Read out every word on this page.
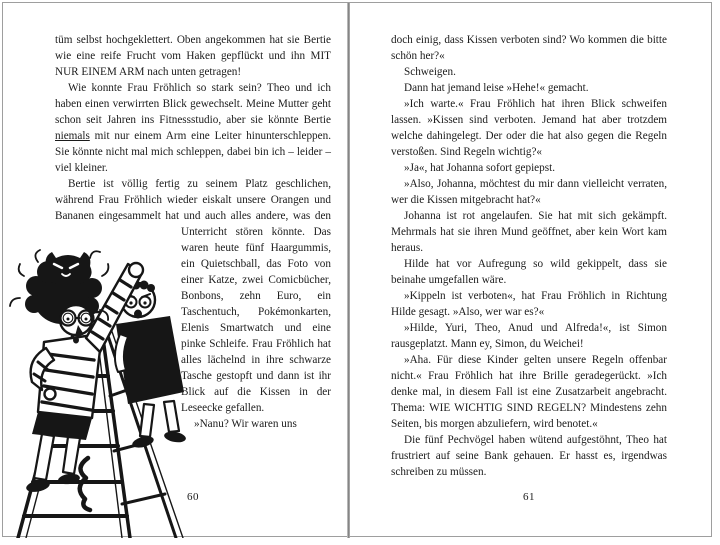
tüm selbst hochgeklettert. Oben angekommen hat sie Bertie wie eine reife Frucht vom Haken gepflückt und ihn MIT NUR EINEM ARM nach unten getragen!

Wie konnte Frau Fröhlich so stark sein? Theo und ich haben einen verwirrten Blick gewechselt. Meine Mutter geht schon seit Jahren ins Fitnessstudio, aber sie könnte Bertie niemals mit nur einem Arm eine Leiter hinunterschleppen. Sie könnte nicht mal mich schleppen, dabei bin ich – leider – viel kleiner.

Bertie ist völlig fertig zu seinem Platz geschlichen, während Frau Fröhlich wieder eiskalt unsere Orangen und Bananen eingesammelt hat und auch alles andere, was den
Unterricht stören könnte. Das waren heute fünf Haargummis, ein Quietschball, das Foto von einer Katze, zwei Comicbücher, Bonbons, zehn Euro, ein Taschentuch, Pokémonkarten, Elenis Smartwatch und eine pinke Schleife. Frau Fröhlich hat alles lächelnd in ihre schwarze Tasche gestopft und dann ist ihr Blick auf die Kissen in der Leseecke gefallen.

»Nanu? Wir waren uns

doch einig, dass Kissen verboten sind? Wo kommen die bitte schön her?«

Schweigen.

Dann hat jemand leise »Hehe!« gemacht.

»Ich warte.« Frau Fröhlich hat ihren Blick schweifen lassen. »Kissen sind verboten. Jemand hat aber trotzdem welche dahingelegt. Der oder die hat also gegen die Regeln verstoßen. Sind Regeln wichtig?«

»Ja«, hat Johanna sofort gepiepst.

»Also, Johanna, möchtest du mir dann vielleicht verraten, wer die Kissen mitgebracht hat?«

Johanna ist rot angelaufen. Sie hat mit sich gekämpft. Mehrmals hat sie ihren Mund geöffnet, aber kein Wort kam heraus.

Hilde hat vor Aufregung so wild gekippelt, dass sie beinahe umgefallen wäre.

»Kippeln ist verboten«, hat Frau Fröhlich in Richtung Hilde gesagt. »Also, wer war es?«

»Hilde, Yuri, Theo, Anud und Alfreda!«, ist Simon rausgeplatzt. Mann ey, Simon, du Weichei!

»Aha. Für diese Kinder gelten unsere Regeln offenbar nicht.« Frau Fröhlich hat ihre Brille geradegerückt. »Ich denke mal, in diesem Fall ist eine Zusatzarbeit angebracht. Thema: WIE WICHTIG SIND REGELN? Mindestens zehn Seiten, bis morgen abzuliefern, wird benotet.«

Die fünf Pechvögel haben wütend aufgestöhnt, Theo hat frustriert auf seine Bank gehauen. Er hasst es, irgendwas schreiben zu müssen.

60	61
